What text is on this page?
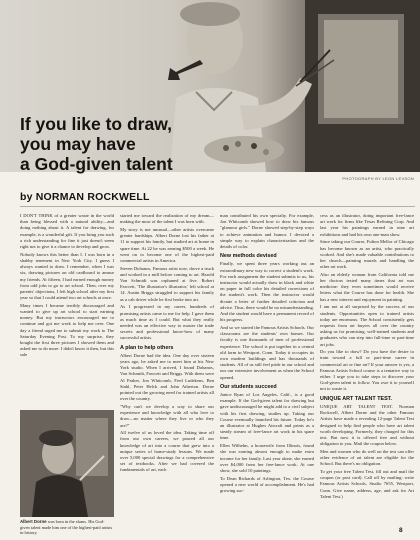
PHOTOGRAPH BY LEON LEVSON
If you like to draw,
you may have
a God-given talent
by NORMAN ROCKWELL

I DON'T THINK of a greater waste in the world than being blessed with a natural ability—and doing nothing about it. A talent for drawing, for example, is a wonderful gift. If you bring you such a rich understanding for fine it just doesn't seem right not to give it a chance to develop and grow.

Nobody knows this better than I. I was born in a shabby tenement in New York City. I guess I always wanted to draw. I remember, when I was six, drawing pictures on old cardboard to amuse my friends. At fifteen, I had earned enough money from odd jobs to go to art school. Then, over my parents' objections, I left high school after my first year so that I could attend two art schools at once.

Many times I became terribly discouraged and wanted to give up art school to start earning money. But my instructors encouraged me to continue and got me work to help me over. One day a friend urged me to submit my work to The Saturday Evening Post. To my surprise, they bought the first three pictures I showed them and asked me to do more. I didn't know it then, but this sale

Albert Dorne was born in the slums. His God-given talent made him one of the highest-paid artists in history.

started me toward the realization of my dream—making the most of the talent I was born with.

My story is not unusual—other artists overcame greater hardships. Albert Dorne lost his father at 11 to support his family, but studied art at home in spare time. At 22 he was earning $500 a week. He went on to become one of the highest-paid commercial artists in America.

Steven Dohanos, Famous artist now, drove a truck and worked in a mill before coming to art. Harold Von Schmidt was orphaned at five. Robert Fawcett, 'The illustrator's illustrator,' left school at 14. Austin Briggs struggled to support his family as a cab driver while he first broke into art.

As I progressed in my career, hundreds of promising artists came to me for help. I gave them as much time as I could. But what they really needed was an effective way to master the trade secrets and professional know-how of many successful artists.

A plan to help others

Albert Dorne had the idea. One day over sixteen years ago, he asked me to meet him at his New York studio. When I arrived, I found Dohanos, Von Schmidt, Fawcett and Briggs. With them were Al Parker, Jon Whitcomb, Fred Ludekens, Ben Stahl, Peter Helck and John Atherton. Dorne pointed out the growing need for trained artists all over the country.

"Why can't we develop a way to share our experience and knowledge with all who love to draw—no matter where they live or who they are?"

All twelve of us loved the idea. Taking time off from our own careers, we poured all our knowledge of art into a course that grew into a unique series of home-study lessons. We made over 5,000 special drawings for a comprehensive set of textbooks. After we had covered the fundamentals of art, each

man contributed his own specialty. For example, Jon Whitcomb showed how to draw his famous "glamour girls." Dorne showed step-by-step ways to achieve animation and humor. I devoted a simple way to explain characterization and the details of color.

New methods devised

Finally, we spent three years working out an extraordinary new way to correct a student's work. For each assignment the student submits to us, his instructor would actually draw in black and white on paper in full color his detailed corrections of the student's work. Then the instructor would dictate a letter of further detailed criticism and advice. Thus, there would be no misunderstanding. And the student would have a permanent record of his progress.

And so we started the Famous Artists Schools. Our classrooms are the students' own homes. Our faculty is one thousands of men of professional experience. The school is put together in a central old form in Westport, Conn. Today it occupies its own modern buildings and has thousands of students. All of us still feel pride in our school and our our extensive involvement as when the School opened.

Our students succeed

Janice Ryan of Los Angeles, Calif., is a good example. If the God-given talent for drawing but gave undiscouraged he might add to a civil subject with his first drawing, studies up. Taking our Course eventually launched his future. Today he's an illustrator at Hughes Aircraft and prints as a steady stream of free-lance art work in his spare time.

Ellen Wilhelm, a housewife from Illinois, found she was earning almost enough to make extra income for her family. Last year alone, she earned over $4,000 from her free-lance work. At one show, she sold 10 paintings.

To Dean Richards of Arlington, Tex. the Course opened a new world of accomplishment. He's had growing suc-

cess as an illustrator, doing important free-lance art work for firms like Texas Refining Corp. And last year his paintings earned in nine art exhibitions and had his own one-man show.

Since taking our Course, Fulton Mellor of Chicago has become known as an artist, who practically worked. And she's made valuable contributions to her church—painting murals and handling the other art work.

Also an elderly woman from California told me her doctors tested many times that art was medicine: they even sometimes would receive letters what the Course has done for health. She has a new interest and enjoyment in painting.

I am not at all surprised by the success of our students. Opportunities open to trained artists today are enormous. The School consistently gets requests from art buyers all over the country asking us for promising, well-trained students and graduates who can step into full-time or part-time art jobs.

Do you like to draw? Do you have the desire to train toward a full or part-time career in commercial art or fine art? If your answer is yes, a Famous Artists School course is a tentative way to either. I urge you to take steps to discover your God-given talent to follow. You owe it to yourself not to waste it.

UNIQUE ART TALENT TEST.

UNIQUE ART TALENT TEST. Norman Rockwell, Albert Dorne and the other Famous Artists have made a revealing 12-page Talent Test designed to help find people who have art talent worth developing. Formerly, they charged for this test. But now it is offered free and without obligation to you. Mail the coupon below.

Men and women who do well on the test can offer other evidence of art talent are eligible for the School. But there's no obligation.

To get your free Talent Test, fill out and mail the coupon (or post card). Call off by mailing: write Famous Artists Schools, Studio 7655, Westport, Conn. Give name, address, age, and ask for Art Talent Test.)

8
